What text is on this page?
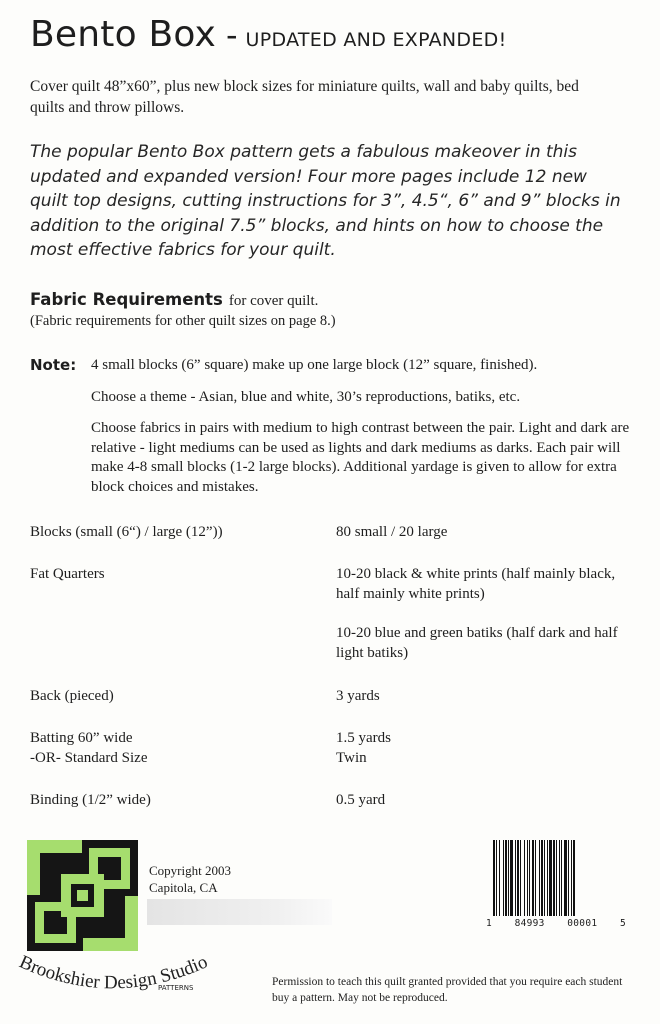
Bento Box - UPDATED AND EXPANDED!
Cover quilt 48”x60”, plus new block sizes for miniature quilts, wall and baby quilts, bed quilts and throw pillows.
The popular Bento Box pattern gets a fabulous makeover in this updated and expanded version! Four more pages include 12 new quilt top designs, cutting instructions for 3”, 4.5“, 6” and 9” blocks in addition to the original 7.5” blocks, and hints on how to choose the most effective fabrics for your quilt.
Fabric Requirements for cover quilt.
(Fabric requirements for other quilt sizes on page 8.)
Note: 4 small blocks (6” square) make up one large block (12” square, finished).

Choose a theme - Asian, blue and white, 30’s reproductions, batiks, etc.

Choose fabrics in pairs with medium to high contrast between the pair. Light and dark are relative - light mediums can be used as lights and dark mediums as darks. Each pair will make 4-8 small blocks (1-2 large blocks). Additional yardage is given to allow for extra block choices and mistakes.

Blocks (small (6“) / large (12”))	80 small / 20 large
Fat Quarters	10-20 black & white prints (half mainly black, half mainly white prints)
10-20 blue and green batiks (half dark and half light batiks)
Back (pieced)	3 yards
Batting 60” wide	1.5 yards
-OR- Standard Size	Twin
Binding (1/2” wide)	0.5 yard
Copyright 2003
Capitola, CA
1 84993 00001 5
Brookshier Design Studio
PATTERNS	Permission to teach this quilt granted provided that you require each student buy a pattern. May not be reproduced.
